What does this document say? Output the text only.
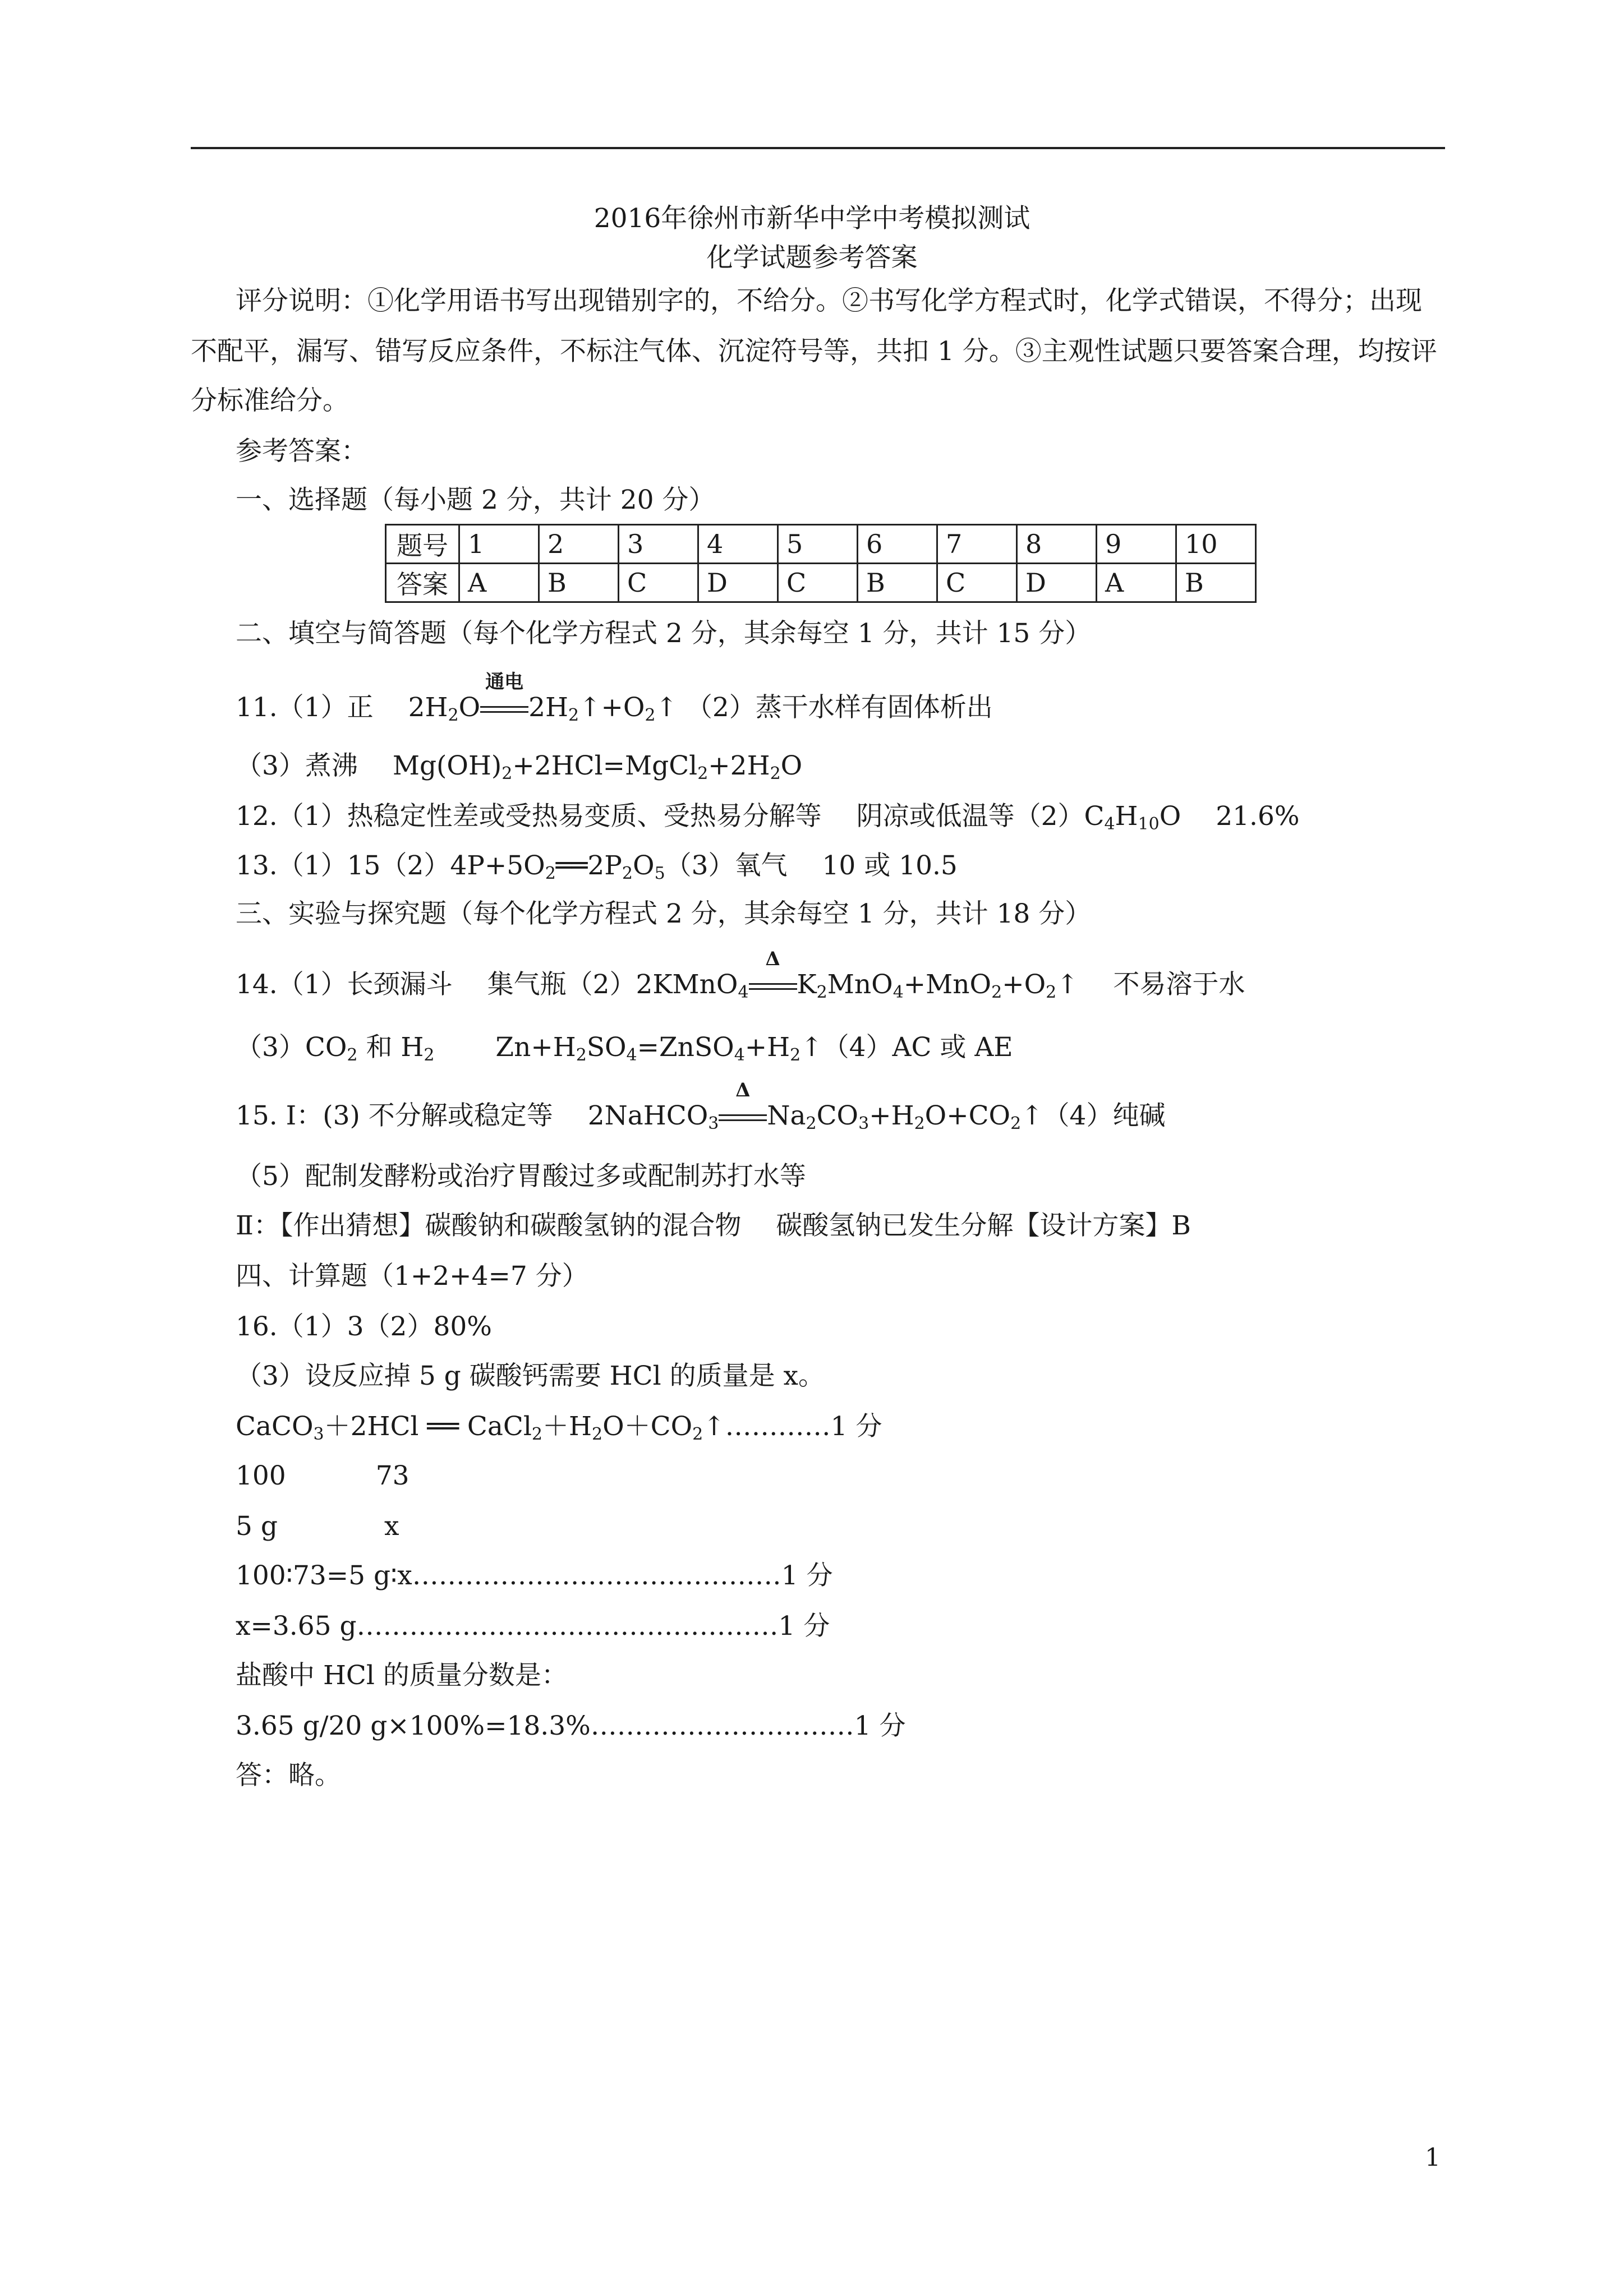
2016年徐州市新华中学中考模拟测试
化学试题参考答案
评分说明：①化学用语书写出现错别字的，不给分。②书写化学方程式时，化学式错误，不得分；出现
不配平，漏写、错写反应条件，不标注气体、沉淀符号等，共扣 1 分。③主观性试题只要答案合理，均按评
分标准给分。
参考答案：
一、选择题（每小题 2 分，共计 20 分）
题号	1	2	3	4	5	6	7	8	9	10
答案	A	B	C	D	C	B	C	D	A	B
二、填空与简答题（每个化学方程式 2 分，其余每空 1 分，共计 15 分）
11.（1）正　 $2H_2O$
通电
$2H_2↑+O_2↑$ （2）蒸干水样有固体析出
（3）煮沸　 $Mg(OH)_2+2HCl=MgCl_2+2H_2O$
12.（1）热稳定性差或受热易变质、受热易分解等　 阴凉或低温等$(2)C_4H_{10}O$　 21.6%
$13.(1)15(2)4P+5O_2══2P_2O_5(3)$氧气　 10 或 10.5
三、实验与探究题（每个化学方程式 2 分，其余每空 1 分，共计 18 分）
14.（1）长颈漏斗　 集气瓶（2）2KMnO$_4$
Δ
$K_2MnO_4+MnO_2+O_2↑$　 不易溶于水
$(3)CO_2$ 和 $H_2$　　 $Zn+H_2SO_4=ZnSO_4+H_2↑(4)AC$ 或 AE
15. Ⅰ：(3) 不分解或稳定等　 2NaHCO$_3$
Δ
$Na_2CO_3+H_2O+CO_2↑(4)$纯碱
（5）配制发酵粉或治疗胃酸过多或配制苏打水等
Ⅱ：【作出猜想】碳酸钠和碳酸氢钠的混合物　 碳酸氢钠已发生分解【设计方案】B
四、计算题（1+2+4=7 分）
16.（1）3（2）80%
（3）设反应掉 5 g 碳酸钙需要 HCl 的质量是 x。
CaCO$_3$＋2HCl ══ $CaCl_2+H_2O+CO_2↑\dots\dots\dots\dots 1$ 分
100	73
5 g	x
100∶73=5 g∶x……………………………………1 分
x=3.65 g…………………………………………1 分
盐酸中 HCl 的质量分数是：
3.65 g/20 g×100%=18.3%…………………………1 分
答：略。
1
